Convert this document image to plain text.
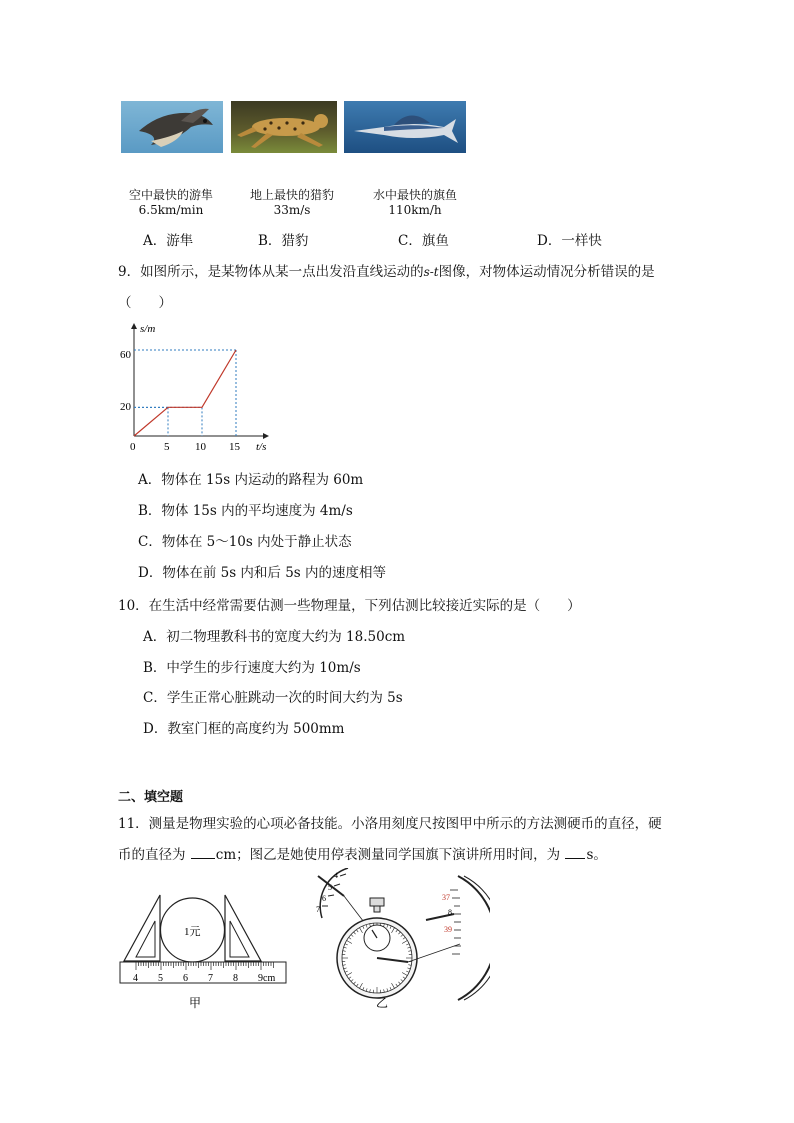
空中最快的游隼
6.5km/min
地上最快的猎豹
33m/s
水中最快的旗鱼
110km/h
A．游隼	B．猎豹	C．旗鱼	D．一样快
9．如图所示，是某物体从某一点出发沿直线运动的s-t图像，对物体运动情况分析错误的是
（　　）
s/m
t/s
60
20
0	5 10 15
A．物体在 15s 内运动的路程为 60m
B．物体 15s 内的平均速度为 4m/s
C．物体在 5～10s 内处于静止状态
D．物体在前 5s 内和后 5s 内的速度相等
10．在生活中经常需要估测一些物理量，下列估测比较接近实际的是（　　）
A．初二物理教科书的宽度大约为 18.50cm
B．中学生的步行速度大约为 10m/s
C．学生正常心脏跳动一次的时间大约为 5s
D．教室门框的高度约为 500mm
二、填空题
11．测量是物理实验的心项必备技能。小洛用刻度尺按图甲中所示的方法测硬币的直径，硬
币的直径为 cm；图乙是她使用停表测量同学国旗下演讲所用时间，为 s。
1元
4 5 6 7 8 9cm
甲
4
5
6
7
37
8
39
乙
